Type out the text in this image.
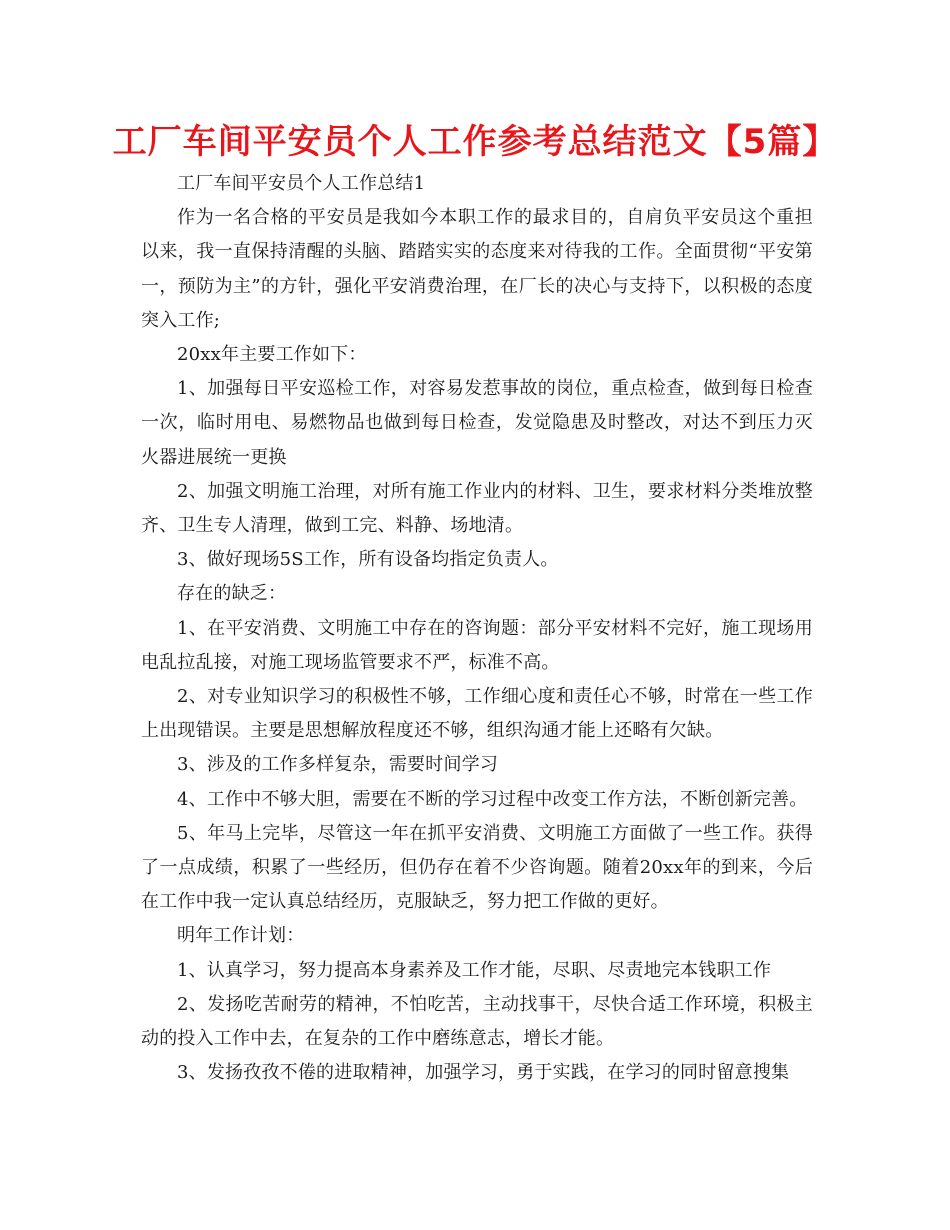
工厂车间平安员个人工作参考总结范文【5篇】

工厂车间平安员个人工作总结1

作为一名合格的平安员是我如今本职工作的最求目的，自肩负平安员这个重担以来，我一直保持清醒的头脑、踏踏实实的态度来对待我的工作。全面贯彻“平安第一，预防为主”的方针，强化平安消费治理，在厂长的决心与支持下，以积极的态度突入工作;

20xx年主要工作如下：

1、加强每日平安巡检工作，对容易发惹事故的岗位，重点检查，做到每日检查一次，临时用电、易燃物品也做到每日检查，发觉隐患及时整改，对达不到压力灭火器进展统一更换

2、加强文明施工治理，对所有施工作业内的材料、卫生，要求材料分类堆放整齐、卫生专人清理，做到工完、料静、场地清。

3、做好现场5S工作，所有设备均指定负责人。

存在的缺乏：

1、在平安消费、文明施工中存在的咨询题：部分平安材料不完好，施工现场用电乱拉乱接，对施工现场监管要求不严，标准不高。

2、对专业知识学习的积极性不够，工作细心度和责任心不够，时常在一些工作上出现错误。主要是思想解放程度还不够，组织沟通才能上还略有欠缺。

3、涉及的工作多样复杂，需要时间学习

4、工作中不够大胆，需要在不断的学习过程中改变工作方法，不断创新完善。

5、年马上完毕，尽管这一年在抓平安消费、文明施工方面做了一些工作。获得了一点成绩，积累了一些经历，但仍存在着不少咨询题。随着20xx年的到来，今后在工作中我一定认真总结经历，克服缺乏，努力把工作做的更好。

明年工作计划：

1、认真学习，努力提高本身素养及工作才能，尽职、尽责地完本钱职工作

2、发扬吃苦耐劳的精神，不怕吃苦，主动找事干，尽快合适工作环境，积极主动的投入工作中去，在复杂的工作中磨练意志，增长才能。

3、发扬孜孜不倦的进取精神，加强学习，勇于实践，在学习的同时留意搜集
